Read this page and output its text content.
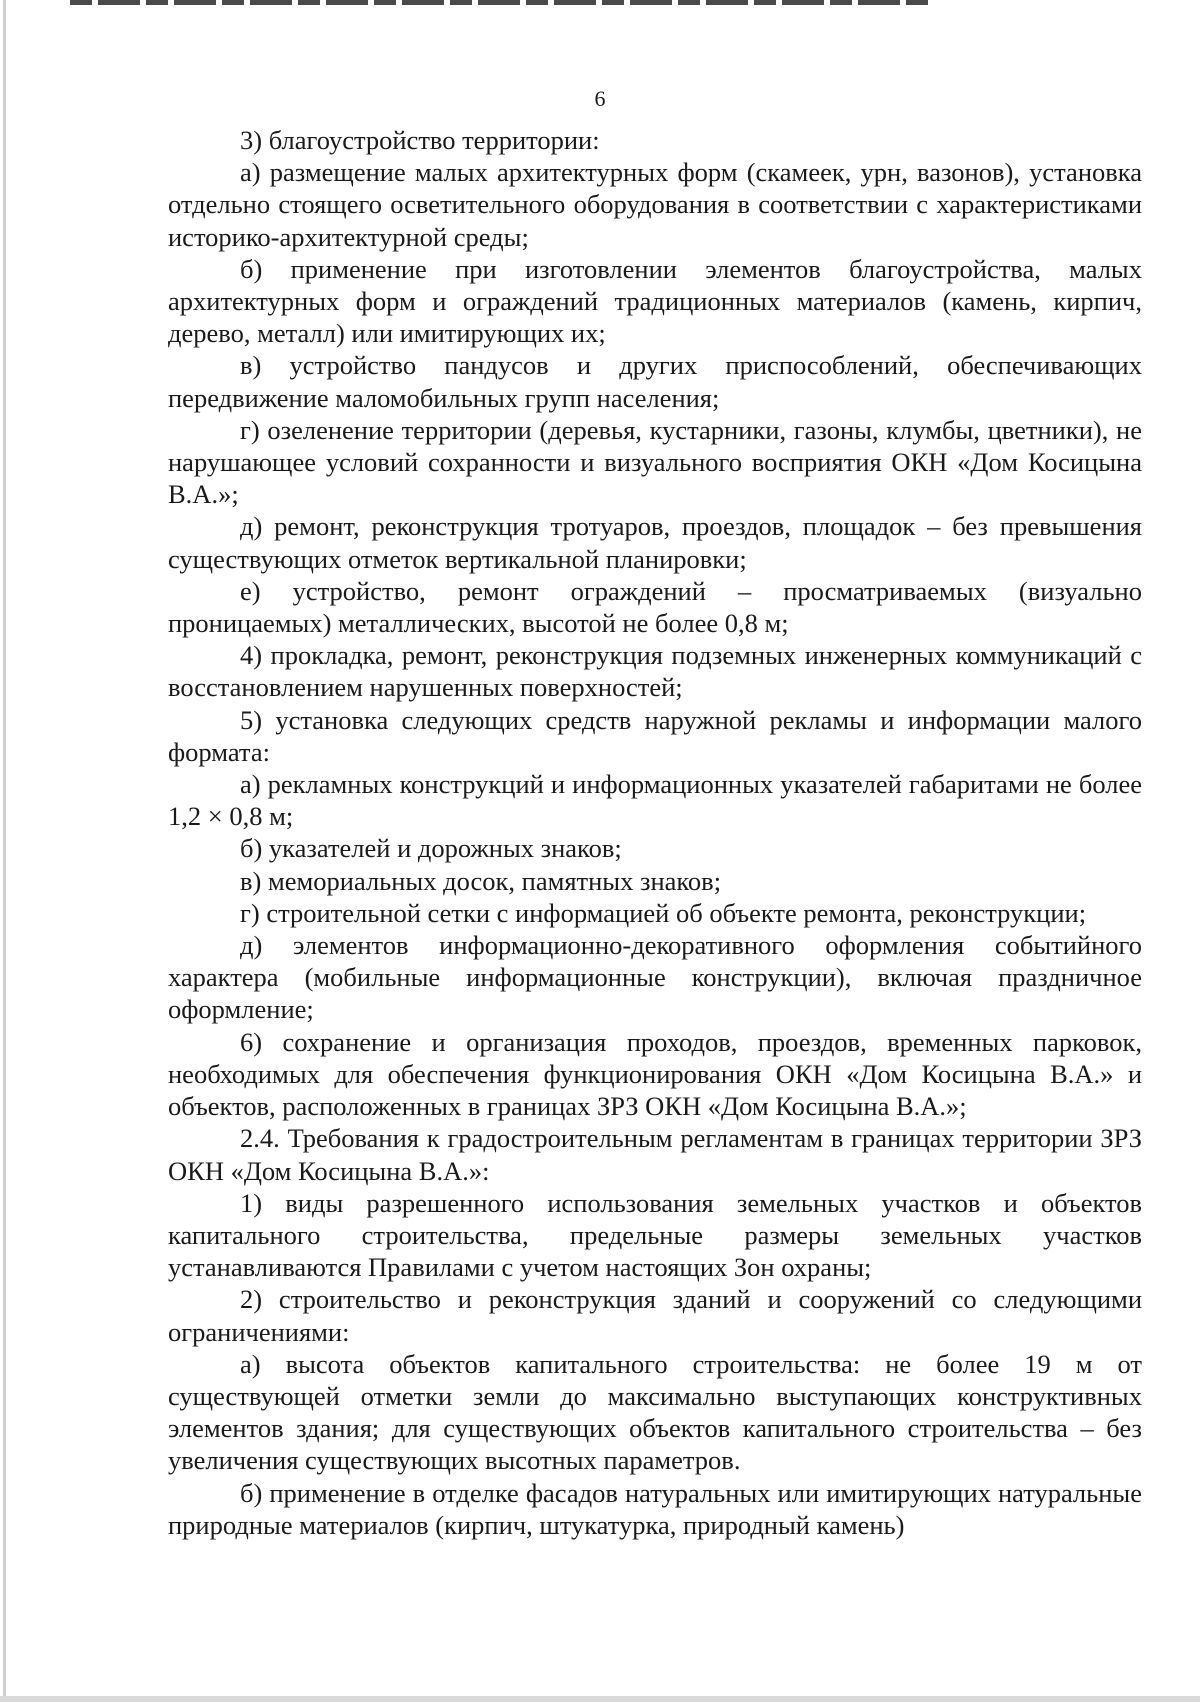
6

3) благоустройство территории:

а) размещение малых архитектурных форм (скамеек, урн, вазонов), установка отдельно стоящего осветительного оборудования в соответствии с характеристиками историко-архитектурной среды;

б) применение при изготовлении элементов благоустройства, малых архитектурных форм и ограждений традиционных материалов (камень, кирпич, дерево, металл) или имитирующих их;

в) устройство пандусов и других приспособлений, обеспечивающих передвижение маломобильных групп населения;

г) озеленение территории (деревья, кустарники, газоны, клумбы, цветники), не нарушающее условий сохранности и визуального восприятия ОКН «Дом Косицына В.А.»;

д) ремонт, реконструкция тротуаров, проездов, площадок – без превышения существующих отметок вертикальной планировки;

е) устройство, ремонт ограждений – просматриваемых (визуально проницаемых) металлических, высотой не более 0,8 м;

4) прокладка, ремонт, реконструкция подземных инженерных коммуникаций с восстановлением нарушенных поверхностей;

5) установка следующих средств наружной рекламы и информации малого формата:

а) рекламных конструкций и информационных указателей габаритами не более 1,2 × 0,8 м;

б) указателей и дорожных знаков;

в) мемориальных досок, памятных знаков;

г) строительной сетки с информацией об объекте ремонта, реконструкции;

д) элементов информационно-декоративного оформления событийного характера (мобильные информационные конструкции), включая праздничное оформление;

6) сохранение и организация проходов, проездов, временных парковок, необходимых для обеспечения функционирования ОКН «Дом Косицына В.А.» и объектов, расположенных в границах ЗРЗ ОКН «Дом Косицына В.А.»;

2.4. Требования к градостроительным регламентам в границах территории ЗРЗ ОКН «Дом Косицына В.А.»:

1) виды разрешенного использования земельных участков и объектов капитального строительства, предельные размеры земельных участков устанавливаются Правилами с учетом настоящих Зон охраны;

2) строительство и реконструкция зданий и сооружений со следующими ограничениями:

а) высота объектов капитального строительства: не более 19 м от существующей отметки земли до максимально выступающих конструктивных элементов здания; для существующих объектов капитального строительства – без увеличения существующих высотных параметров.

б) применение в отделке фасадов натуральных или имитирующих натуральные природные материалов (кирпич, штукатурка, природный камень)
